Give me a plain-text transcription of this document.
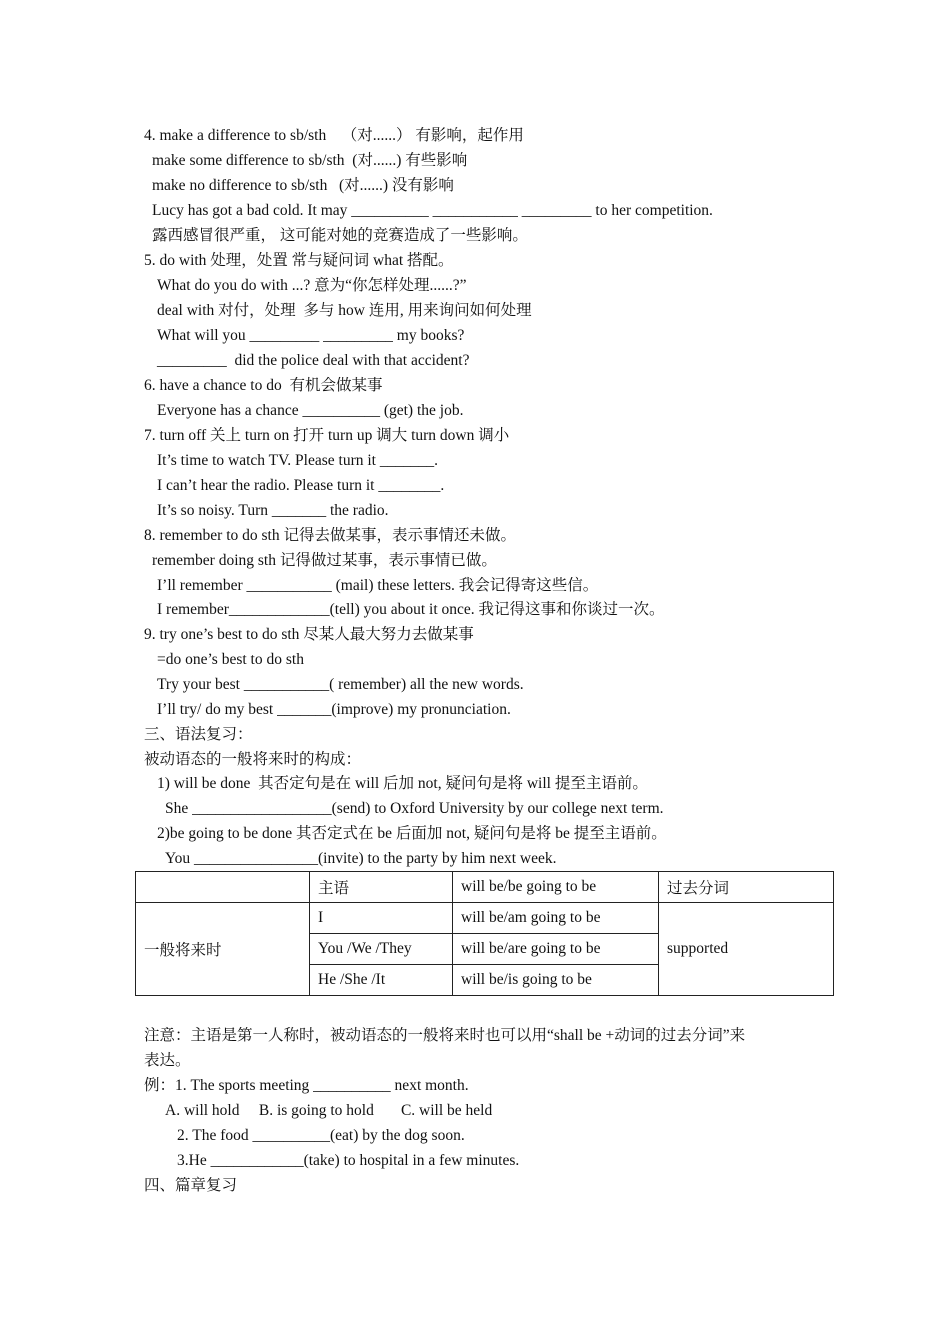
4. make a difference to sb/sth    （对......） 有影响，起作用
make some difference to sb/sth  (对......) 有些影响
make no difference to sb/sth   (对......) 没有影响
Lucy has got a bad cold. It may __________ ___________ _________ to her competition.
露西感冒很严重， 这可能对她的竞赛造成了一些影响。
5. do with 处理，处置 常与疑问词 what 搭配。
What do you do with ...? 意为“你怎样处理......?”
deal with 对付，处理  多与 how 连用, 用来询问如何处理
What will you _________ _________ my books?
_________  did the police deal with that accident?
6. have a chance to do  有机会做某事
Everyone has a chance __________ (get) the job.
7. turn off 关上 turn on 打开 turn up 调大 turn down 调小
It’s time to watch TV. Please turn it _______.
I can’t hear the radio. Please turn it ________.
It’s so noisy. Turn _______ the radio.
8. remember to do sth 记得去做某事，表示事情还未做。
remember doing sth 记得做过某事，表示事情已做。
I’ll remember ___________ (mail) these letters. 我会记得寄这些信。
I remember_____________(tell) you about it once. 我记得这事和你谈过一次。
9. try one’s best to do sth 尽某人最大努力去做某事
=do one’s best to do sth
Try your best ___________( remember) all the new words.
I’ll try/ do my best _______(improve) my pronunciation.
三、语法复习：
被动语态的一般将来时的构成：
1) will be done  其否定句是在 will 后加 not, 疑问句是将 will 提至主语前。
She __________________(send) to Oxford University by our college next term.
2)be going to be done 其否定式在 be 后面加 not, 疑问句是将 be 提至主语前。
You ________________(invite) to the party by him next week.
	主语	will be/be going to be	过去分词
一般将来时	I	will be/am going to be	supported
	You /We /They	will be/are going to be	
	He /She /It	will be/is going to be	
注意：主语是第一人称时，被动语态的一般将来时也可以用“shall be +动词的过去分词”来
表达。
例：1. The sports meeting __________ next month.
A. will hold     B. is going to hold       C. will be held
2. The food __________(eat) by the dog soon.
3.He ____________(take) to hospital in a few minutes.
四、篇章复习
